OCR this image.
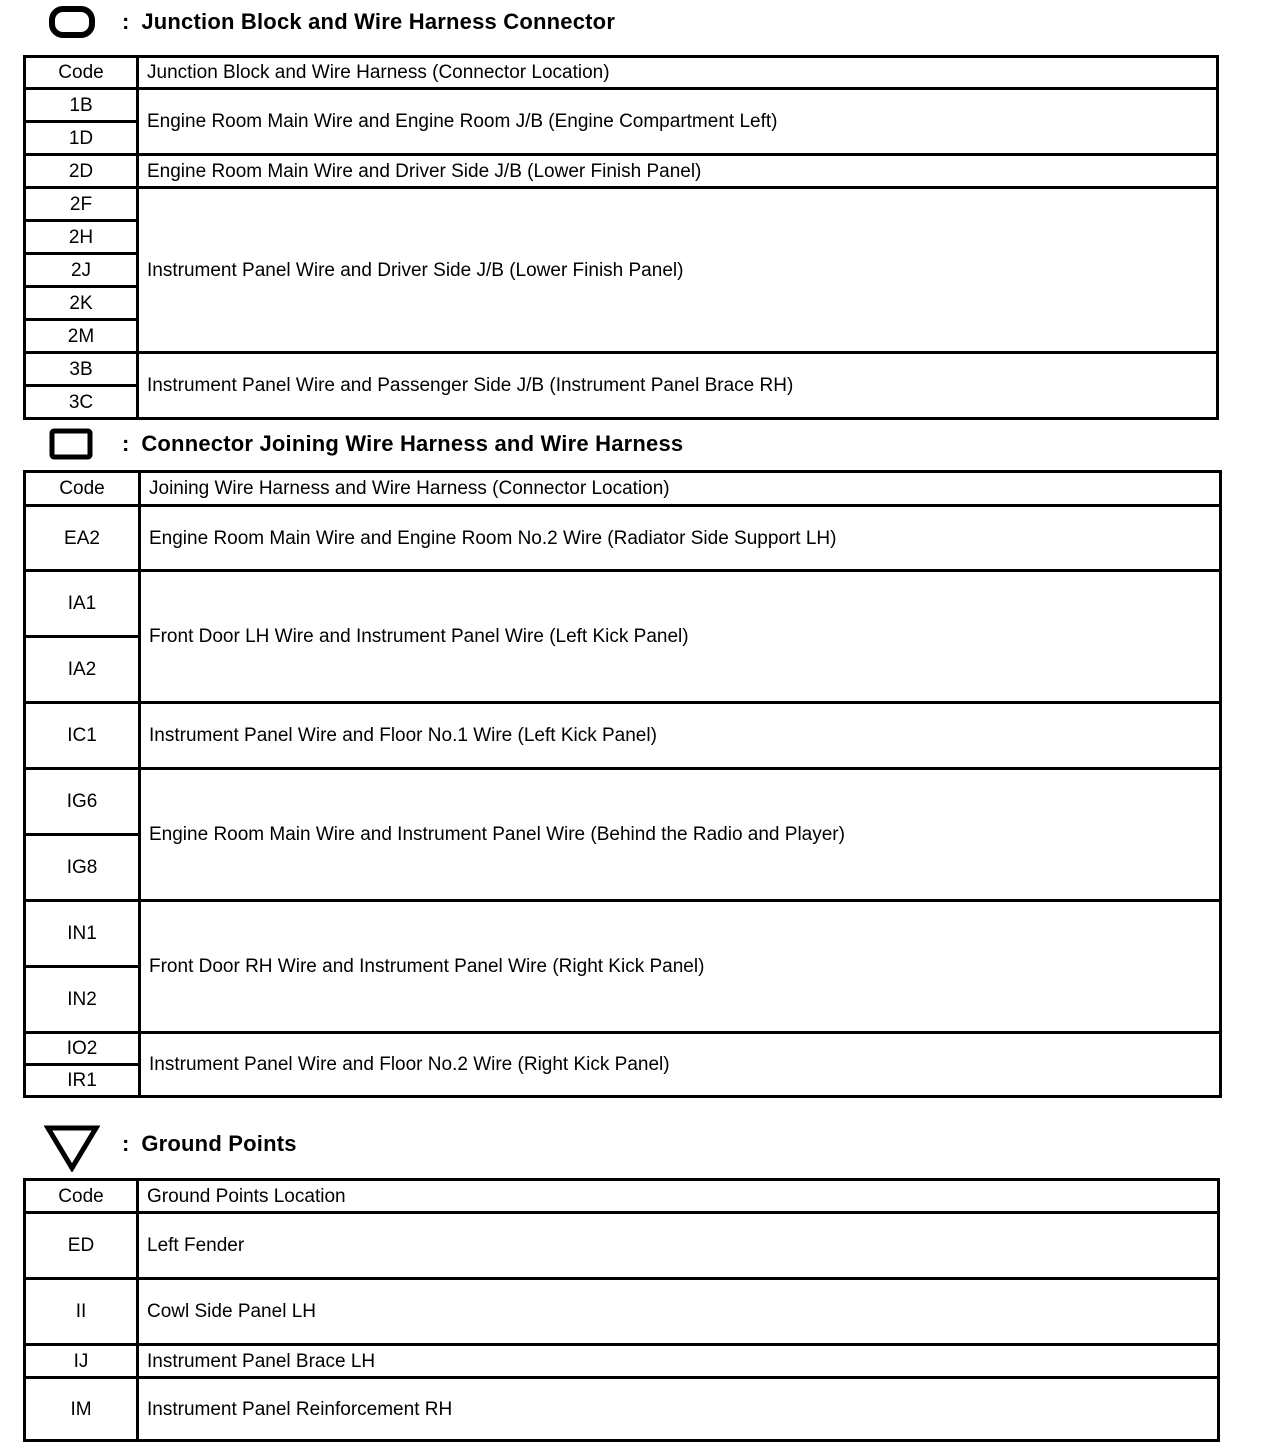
: Junction Block and Wire Harness Connector
Code	Junction Block and Wire Harness (Connector Location)
1B	Engine Room Main Wire and Engine Room J/B (Engine Compartment Left)
1D	
2D	Engine Room Main Wire and Driver Side J/B (Lower Finish Panel)
2F	Instrument Panel Wire and Driver Side J/B (Lower Finish Panel)
2H	
2J	
2K	
2M	
3B	Instrument Panel Wire and Passenger Side J/B (Instrument Panel Brace RH)
3C	
: Connector Joining Wire Harness and Wire Harness
Code	Joining Wire Harness and Wire Harness (Connector Location)
EA2	Engine Room Main Wire and Engine Room No.2 Wire (Radiator Side Support LH)
IA1	Front Door LH Wire and Instrument Panel Wire (Left Kick Panel)
IA2	
IC1	Instrument Panel Wire and Floor No.1 Wire (Left Kick Panel)
IG6	Engine Room Main Wire and Instrument Panel Wire (Behind the Radio and Player)
IG8	
IN1	Front Door RH Wire and Instrument Panel Wire (Right Kick Panel)
IN2	
IO2	Instrument Panel Wire and Floor No.2 Wire (Right Kick Panel)
IR1	
: Ground Points
Code	Ground Points Location
ED	Left Fender
II	Cowl Side Panel LH
IJ	Instrument Panel Brace LH
IM	Instrument Panel Reinforcement RH
